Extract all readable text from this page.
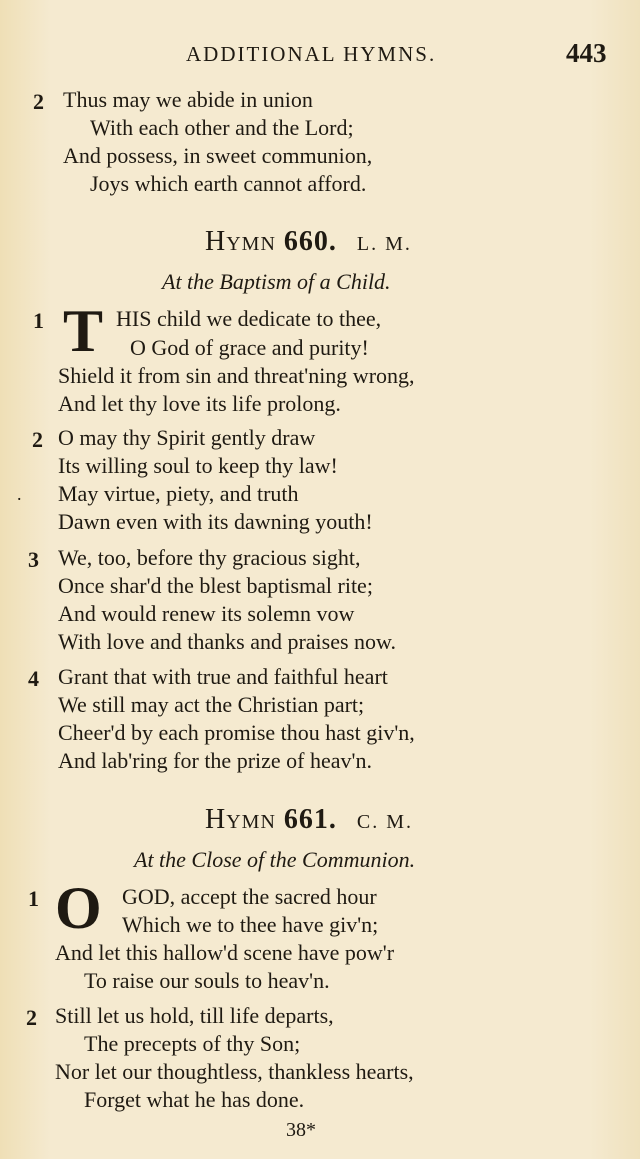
ADDITIONAL HYMNS.	443
2 Thus may we abide in union
With each other and the Lord;
And possess, in sweet communion,
Joys which earth cannot afford.
Hymn 660. L. M.
At the Baptism of a Child.
1 T HIS child we dedicate to thee,
O God of grace and purity!
Shield it from sin and threat'ning wrong,
And let thy love its life prolong.
2 O may thy Spirit gently draw
Its willing soul to keep thy law!
. May virtue, piety, and truth
Dawn even with its dawning youth!
3 We, too, before thy gracious sight,
Once shar'd the blest baptismal rite;
And would renew its solemn vow
With love and thanks and praises now.
4 Grant that with true and faithful heart
We still may act the Christian part;
Cheer'd by each promise thou hast giv'n,
And lab'ring for the prize of heav'n.
Hymn 661. C. M.
At the Close of the Communion.
1 O GOD, accept the sacred hour
Which we to thee have giv'n;
And let this hallow'd scene have pow'r
To raise our souls to heav'n.
2 Still let us hold, till life departs,
The precepts of thy Son;
Nor let our thoughtless, thankless hearts,
Forget what he has done.
38*
